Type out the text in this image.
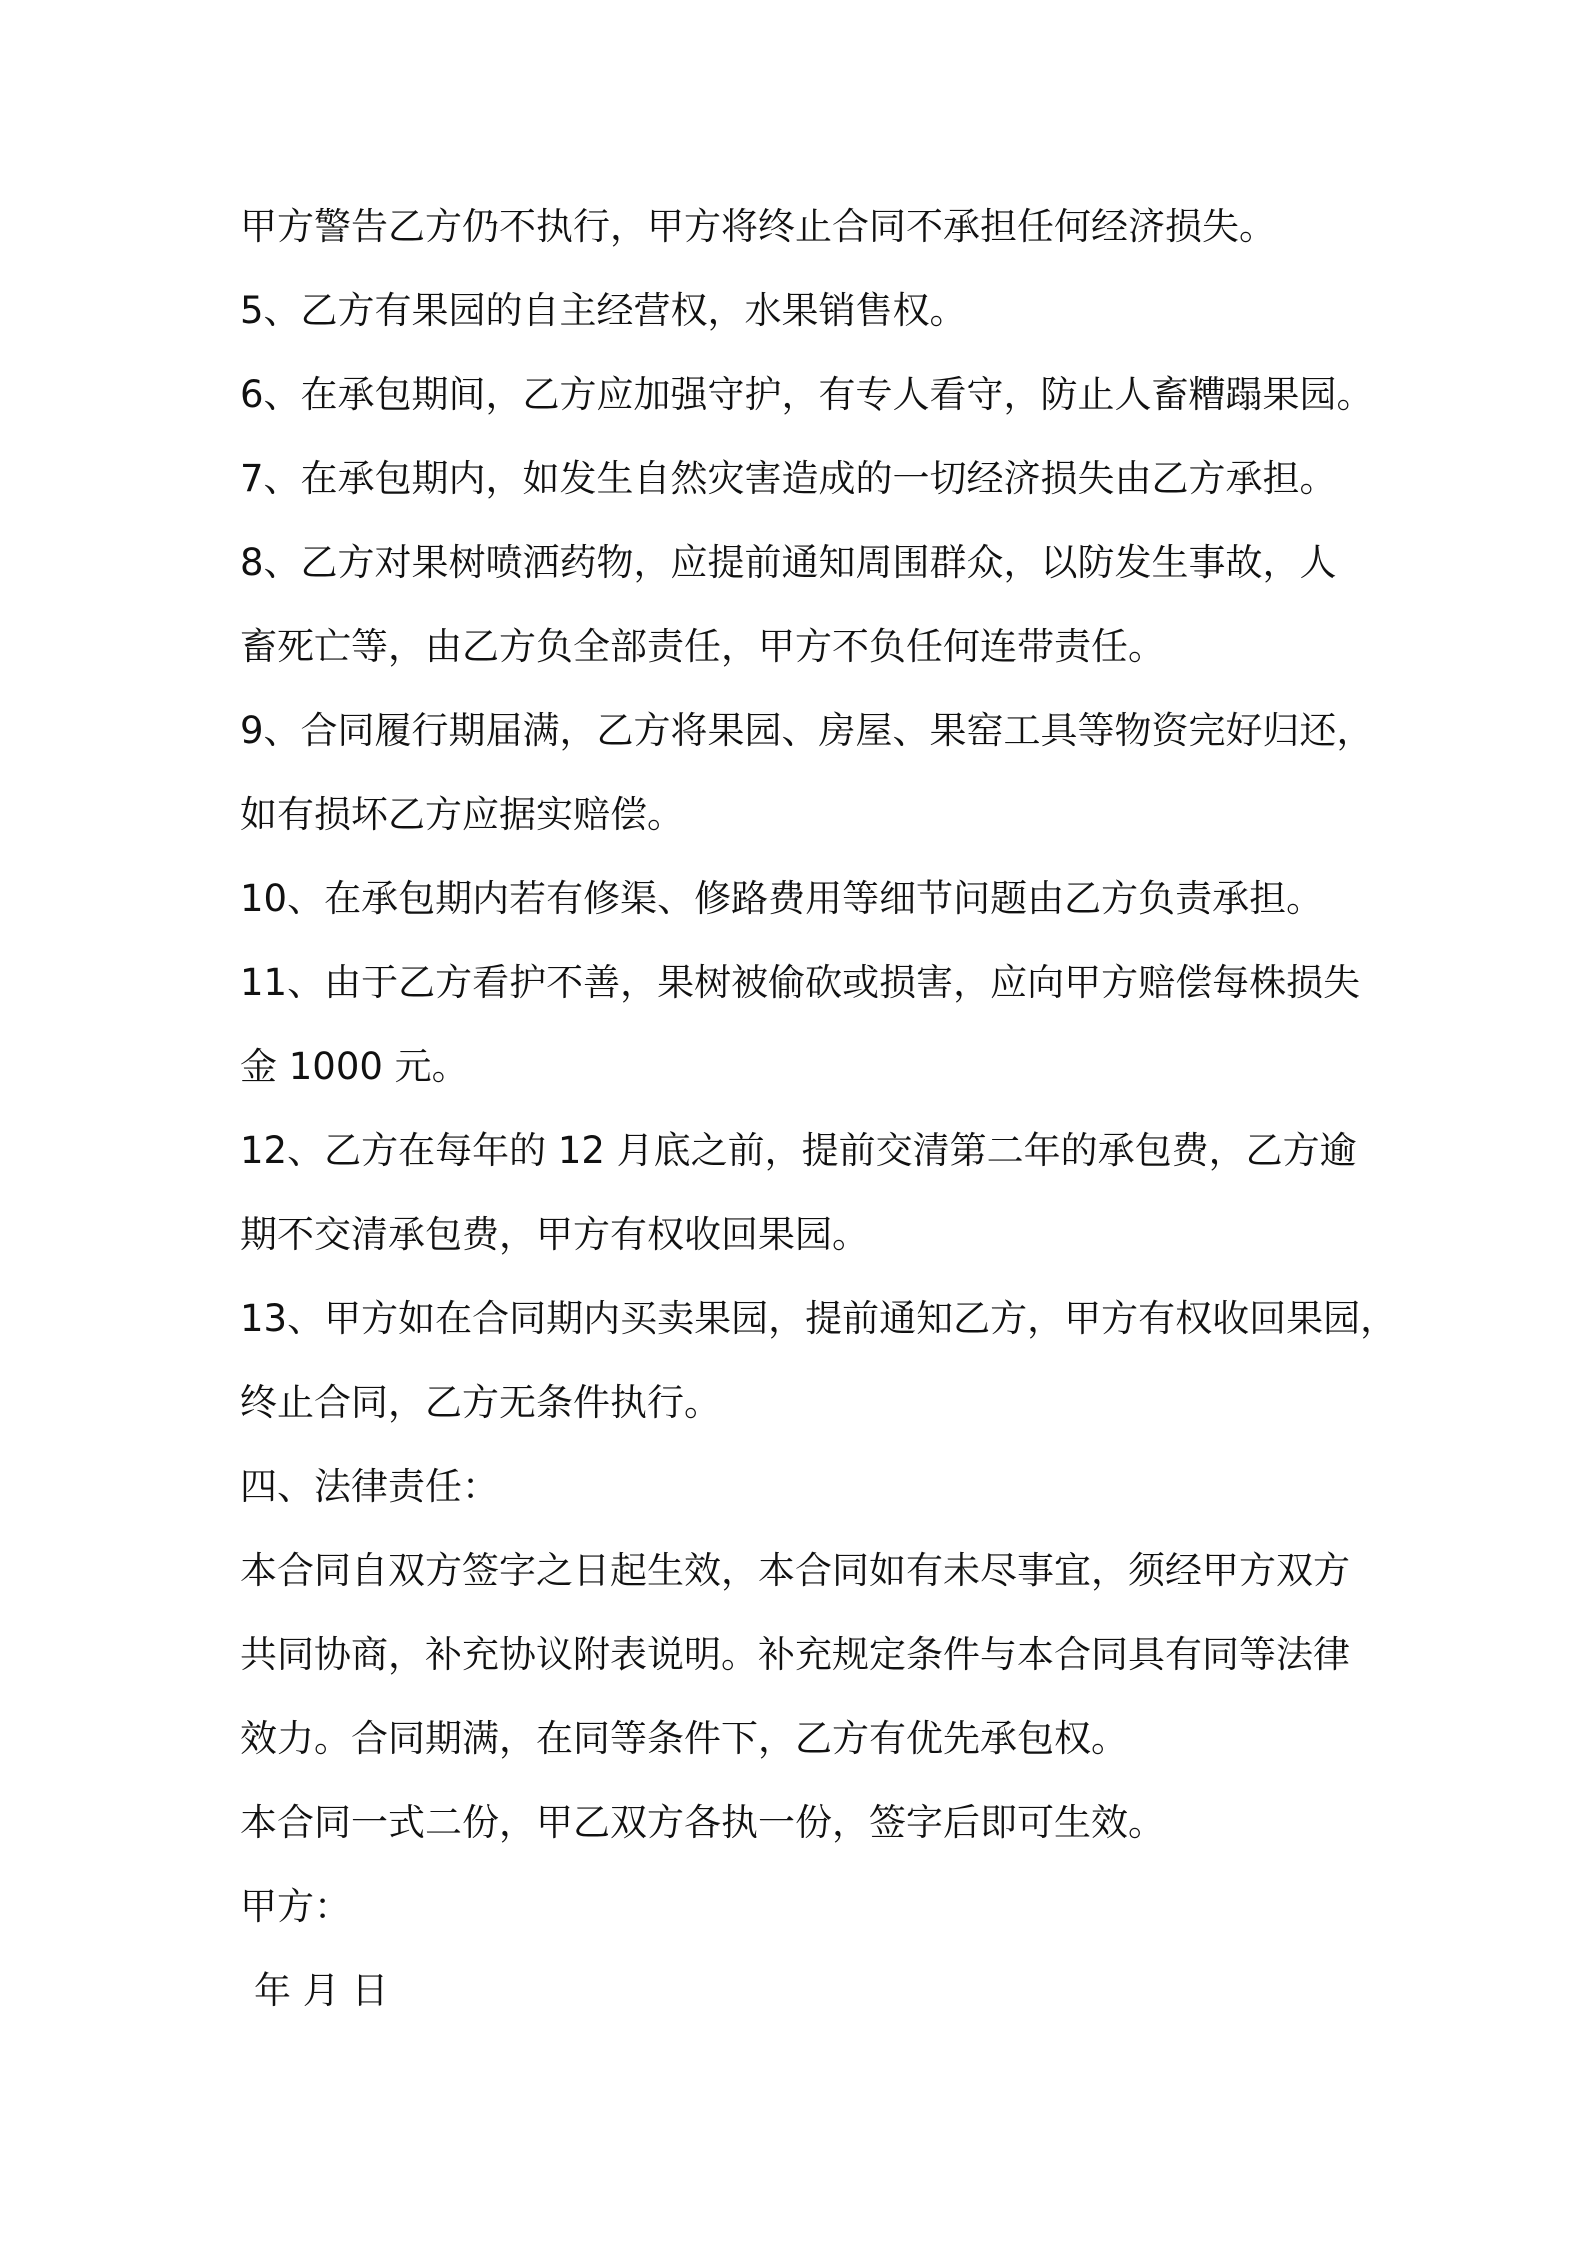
甲方警告乙方仍不执行，甲方将终止合同不承担任何经济损失。
5、乙方有果园的自主经营权，水果销售权。
6、在承包期间，乙方应加强守护，有专人看守，防止人畜糟蹋果园。
7、在承包期内，如发生自然灾害造成的一切经济损失由乙方承担。
8、乙方对果树喷洒药物，应提前通知周围群众，以防发生事故，人
畜死亡等，由乙方负全部责任，甲方不负任何连带责任。
9、合同履行期届满，乙方将果园、房屋、果窑工具等物资完好归还，
如有损坏乙方应据实赔偿。
10、在承包期内若有修渠、修路费用等细节问题由乙方负责承担。
11、由于乙方看护不善，果树被偷砍或损害，应向甲方赔偿每株损失
金 1000 元。
12、乙方在每年的 12 月底之前，提前交清第二年的承包费，乙方逾
期不交清承包费，甲方有权收回果园。
13、甲方如在合同期内买卖果园，提前通知乙方，甲方有权收回果园，
终止合同，乙方无条件执行。
四、法律责任：
本合同自双方签字之日起生效，本合同如有未尽事宜，须经甲方双方
共同协商，补充协议附表说明。补充规定条件与本合同具有同等法律
效力。合同期满，在同等条件下，乙方有优先承包权。
本合同一式二份，甲乙双方各执一份，签字后即可生效。
甲方：
年 月 日
